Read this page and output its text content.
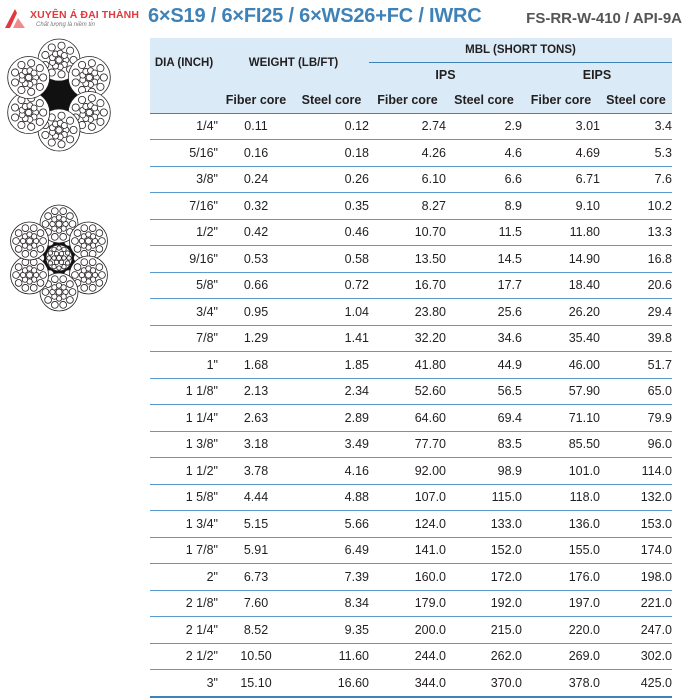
XUYÊN Á ĐẠI THÀNH
Chất lượng là niềm tin	6×S19 / 6×FI25 / 6×WS26+FC / IWRC	FS-RR-W-410 / API-9A
DIA (INCH)	WEIGHT (LB/FT)		MBL (SHORT TONS)			
			IPS		EIPS	
	Fiber core	Steel core	Fiber core	Steel core	Fiber core	Steel core
1/4"	0.11	0.12	2.74	2.9	3.01	3.4
5/16"	0.16	0.18	4.26	4.6	4.69	5.3
3/8"	0.24	0.26	6.10	6.6	6.71	7.6
7/16"	0.32	0.35	8.27	8.9	9.10	10.2
1/2"	0.42	0.46	10.70	11.5	11.80	13.3
9/16"	0.53	0.58	13.50	14.5	14.90	16.8
5/8"	0.66	0.72	16.70	17.7	18.40	20.6
3/4"	0.95	1.04	23.80	25.6	26.20	29.4
7/8"	1.29	1.41	32.20	34.6	35.40	39.8
1"	1.68	1.85	41.80	44.9	46.00	51.7
1 1/8"	2.13	2.34	52.60	56.5	57.90	65.0
1 1/4"	2.63	2.89	64.60	69.4	71.10	79.9
1 3/8"	3.18	3.49	77.70	83.5	85.50	96.0
1 1/2"	3.78	4.16	92.00	98.9	101.0	114.0
1 5/8"	4.44	4.88	107.0	115.0	118.0	132.0
1 3/4"	5.15	5.66	124.0	133.0	136.0	153.0
1 7/8"	5.91	6.49	141.0	152.0	155.0	174.0
2"	6.73	7.39	160.0	172.0	176.0	198.0
2 1/8"	7.60	8.34	179.0	192.0	197.0	221.0
2 1/4"	8.52	9.35	200.0	215.0	220.0	247.0
2 1/2"	10.50	11.60	244.0	262.0	269.0	302.0
3"	15.10	16.60	344.0	370.0	378.0	425.0
